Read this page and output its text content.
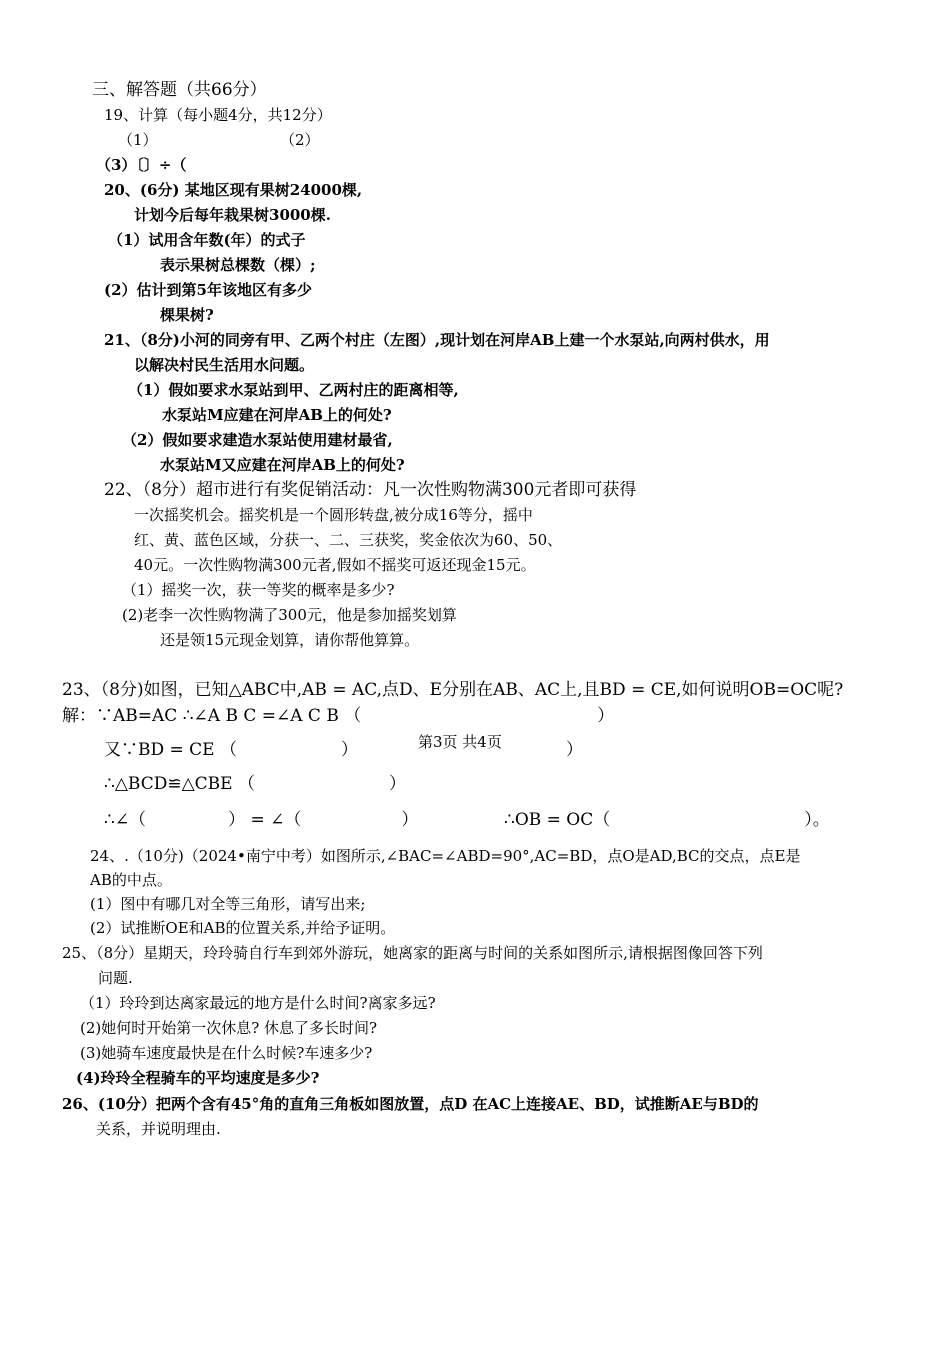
三、解答题（共66分）
19、计算（每小题4分，共12分）
（1）	（2）
（3）〔〕÷（
20、(6分) 某地区现有果树24000棵,
计划今后每年栽果树3000棵.
（1）试用含年数(年）的式子
表示果树总棵数（棵）;
(2）估计到第5年该地区有多少
棵果树?
21、（8分)小河的同旁有甲、乙两个村庄（左图）,现计划在河岸AB上建一个水泵站,向两村供水，用
以解决村民生活用水问题。
（1）假如要求水泵站到甲、乙两村庄的距离相等,
水泵站M应建在河岸AB上的何处?
（2）假如要求建造水泵站使用建材最省,
水泵站M又应建在河岸AB上的何处?
22、（8分）超市进行有奖促销活动：凡一次性购物满300元者即可获得
一次摇奖机会。摇奖机是一个圆形转盘,被分成16等分，摇中
红、黄、蓝色区域，分获一、二、三获奖，奖金依次为60、50、
40元。一次性购物满300元者,假如不摇奖可返还现金15元。
（1）摇奖一次，获一等奖的概率是多少?
(2)老李一次性购物满了300元，他是参加摇奖划算
还是领15元现金划算，请你帮他算算。
23、（8分)如图，已知△ABC中,AB = AC,点D、E分别在AB、AC上,且BD = CE,如何说明OB=OC呢?
解：∵AB=AC ∴∠A B C =∠A C B （	）
又∵BD = CE （	）	）
∴△BCD≌△CBE （	）
∴∠（	） = ∠（	）	∴OB = OC（	）。
第3页 共4页
24、.（10分)（2024•南宁中考）如图所示,∠BAC=∠ABD=90°,AC=BD，点O是AD,BC的交点，点E是
AB的中点。
(1）图中有哪几对全等三角形，请写出来;
(2）试推断OE和AB的位置关系,并给予证明。
25、（8分）星期天，玲玲骑自行车到郊外游玩，她离家的距离与时间的关系如图所示,请根据图像回答下列
问题.
（1）玲玲到达离家最远的地方是什么时间?离家多远?
(2)她何时开始第一次休息? 休息了多长时间?
(3)她骑车速度最快是在什么时候?车速多少?
(4)玲玲全程骑车的平均速度是多少?
26、(10分）把两个含有45°角的直角三角板如图放置，点D 在AC上连接AE、BD，试推断AE与BD的
关系，并说明理由.
